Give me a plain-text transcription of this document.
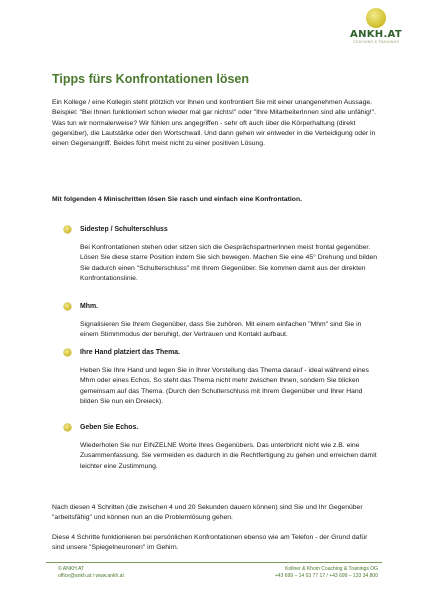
ANKH.AT
COACHING & TRAININGS
Tipps fürs Konfrontationen lösen

Ein Kollege / eine Kollegin steht plötzlich vor Ihnen und konfrontiert Sie mit einer unangenehmen Aussage. Beispiel: "Bei Ihnen funktioniert schon wieder mal gar nichts!" oder "Ihre MitarbeiterInnen sind alle unfähig!". Was tun wir normalerweise? Wir fühlen uns angegriffen - sehr oft auch über die Körperhaltung (direkt gegenüber), die Lautstärke oder den Wortschwall. Und dann gehen wir entweder in die Verteidigung oder in einen Gegenangriff. Beides führt meist nicht zu einer positiven Lösung.

Mit folgenden 4 Minischritten lösen Sie rasch und einfach eine Konfrontation.

Sidestep / Schulterschluss

Bei Konfrontationen stehen oder sitzen sich die GesprächspartnerInnen meist frontal gegenüber. Lösen Sie diese starre Position indem Sie sich bewegen. Machen Sie eine 45° Drehung und bilden Sie dadurch einen "Schulterschluss" mit Ihrem Gegenüber. Sie kommen damit aus der direkten Konfrontationslinie.

Mhm.

Signalisieren Sie Ihrem Gegenüber, dass Sie zuhören. Mit einem einfachen "Mhm" sind Sie in einem Stimmmodus der beruhigt, der Vertrauen und Kontakt aufbaut.

Ihre Hand platziert das Thema.

Heben Sie Ihre Hand und legen Sie in Ihrer Vorstellung das Thema darauf - ideal während eines Mhm oder eines Echos. So steht das Thema nicht mehr zwischen Ihnen, sondern Sie blicken gemeinsam auf das Thema. (Durch den Schulterschluss mit Ihrem Gegenüber und Ihrer Hand bilden Sie nun ein Dreieck).

Geben Sie Echos.

Wiederholen Sie nur EINZELNE Worte Ihres Gegenübers. Das unterbricht nicht wie z.B. eine Zusammenfassung. Sie vermeiden es dadurch in die Rechtfertigung zu gehen und erreichen damit leichter eine Zustimmung.

Nach diesen 4 Schritten (die zwischen 4 und 20 Sekunden dauern können) sind Sie und Ihr Gegenüber "arbeitsfähig" und können nun an die Problemlösung gehen.

Diese 4 Schritte funktionieren bei persönlichen Konfrontationen ebenso wie am Telefon - der Grund dafür sind unsere "Spiegelneuronen" im Gehirn.

© ANKH.AT
office@ankh.at / www.ankh.at
Kollner & Khom Coaching & Trainings OG
+43 699 – 14 03 77 17 / +43 699 – 133 34 800
